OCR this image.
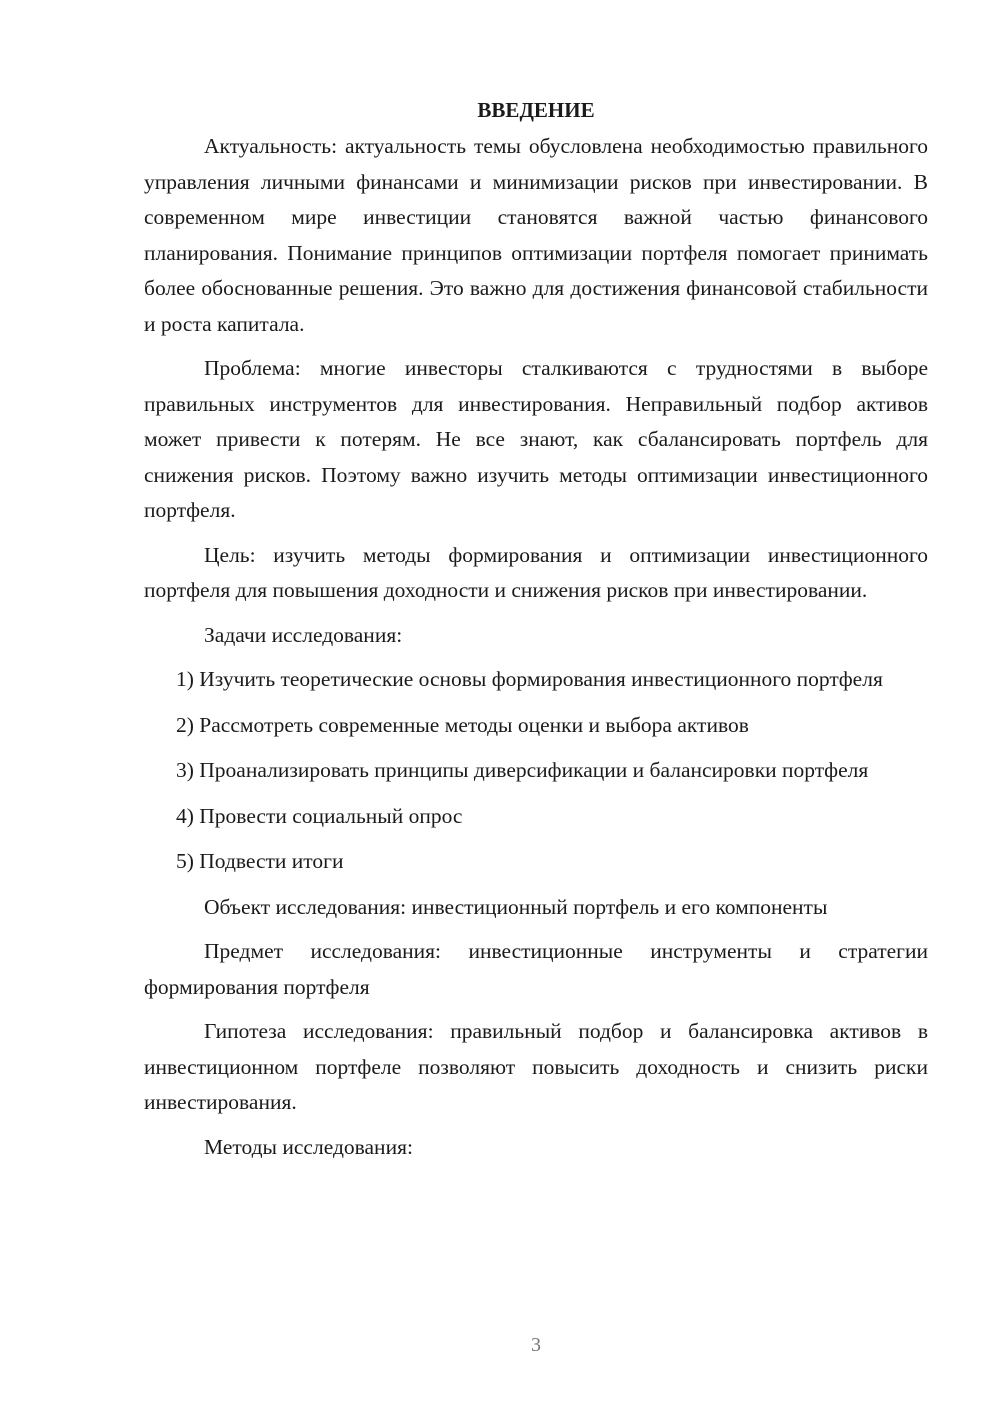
ВВЕДЕНИЕ

Актуальность: актуальность темы обусловлена необходимостью правильного управления личными финансами и минимизации рисков при инвестировании. В современном мире инвестиции становятся важной частью финансового планирования. Понимание принципов оптимизации портфеля помогает принимать более обоснованные решения. Это важно для достижения финансовой стабильности и роста капитала.

Проблема: многие инвесторы сталкиваются с трудностями в выборе правильных инструментов для инвестирования. Неправильный подбор активов может привести к потерям. Не все знают, как сбалансировать портфель для снижения рисков. Поэтому важно изучить методы оптимизации инвестиционного портфеля.

Цель: изучить методы формирования и оптимизации инвестиционного портфеля для повышения доходности и снижения рисков при инвестировании.

Задачи исследования:

1) Изучить теоретические основы формирования инвестиционного портфеля

2) Рассмотреть современные методы оценки и выбора активов

3) Проанализировать принципы диверсификации и балансировки портфеля

4) Провести социальный опрос

5) Подвести итоги

Объект исследования: инвестиционный портфель и его компоненты

Предмет исследования: инвестиционные инструменты и стратегии формирования портфеля

Гипотеза исследования: правильный подбор и балансировка активов в инвестиционном портфеле позволяют повысить доходность и снизить риски инвестирования.

Методы исследования:

3
